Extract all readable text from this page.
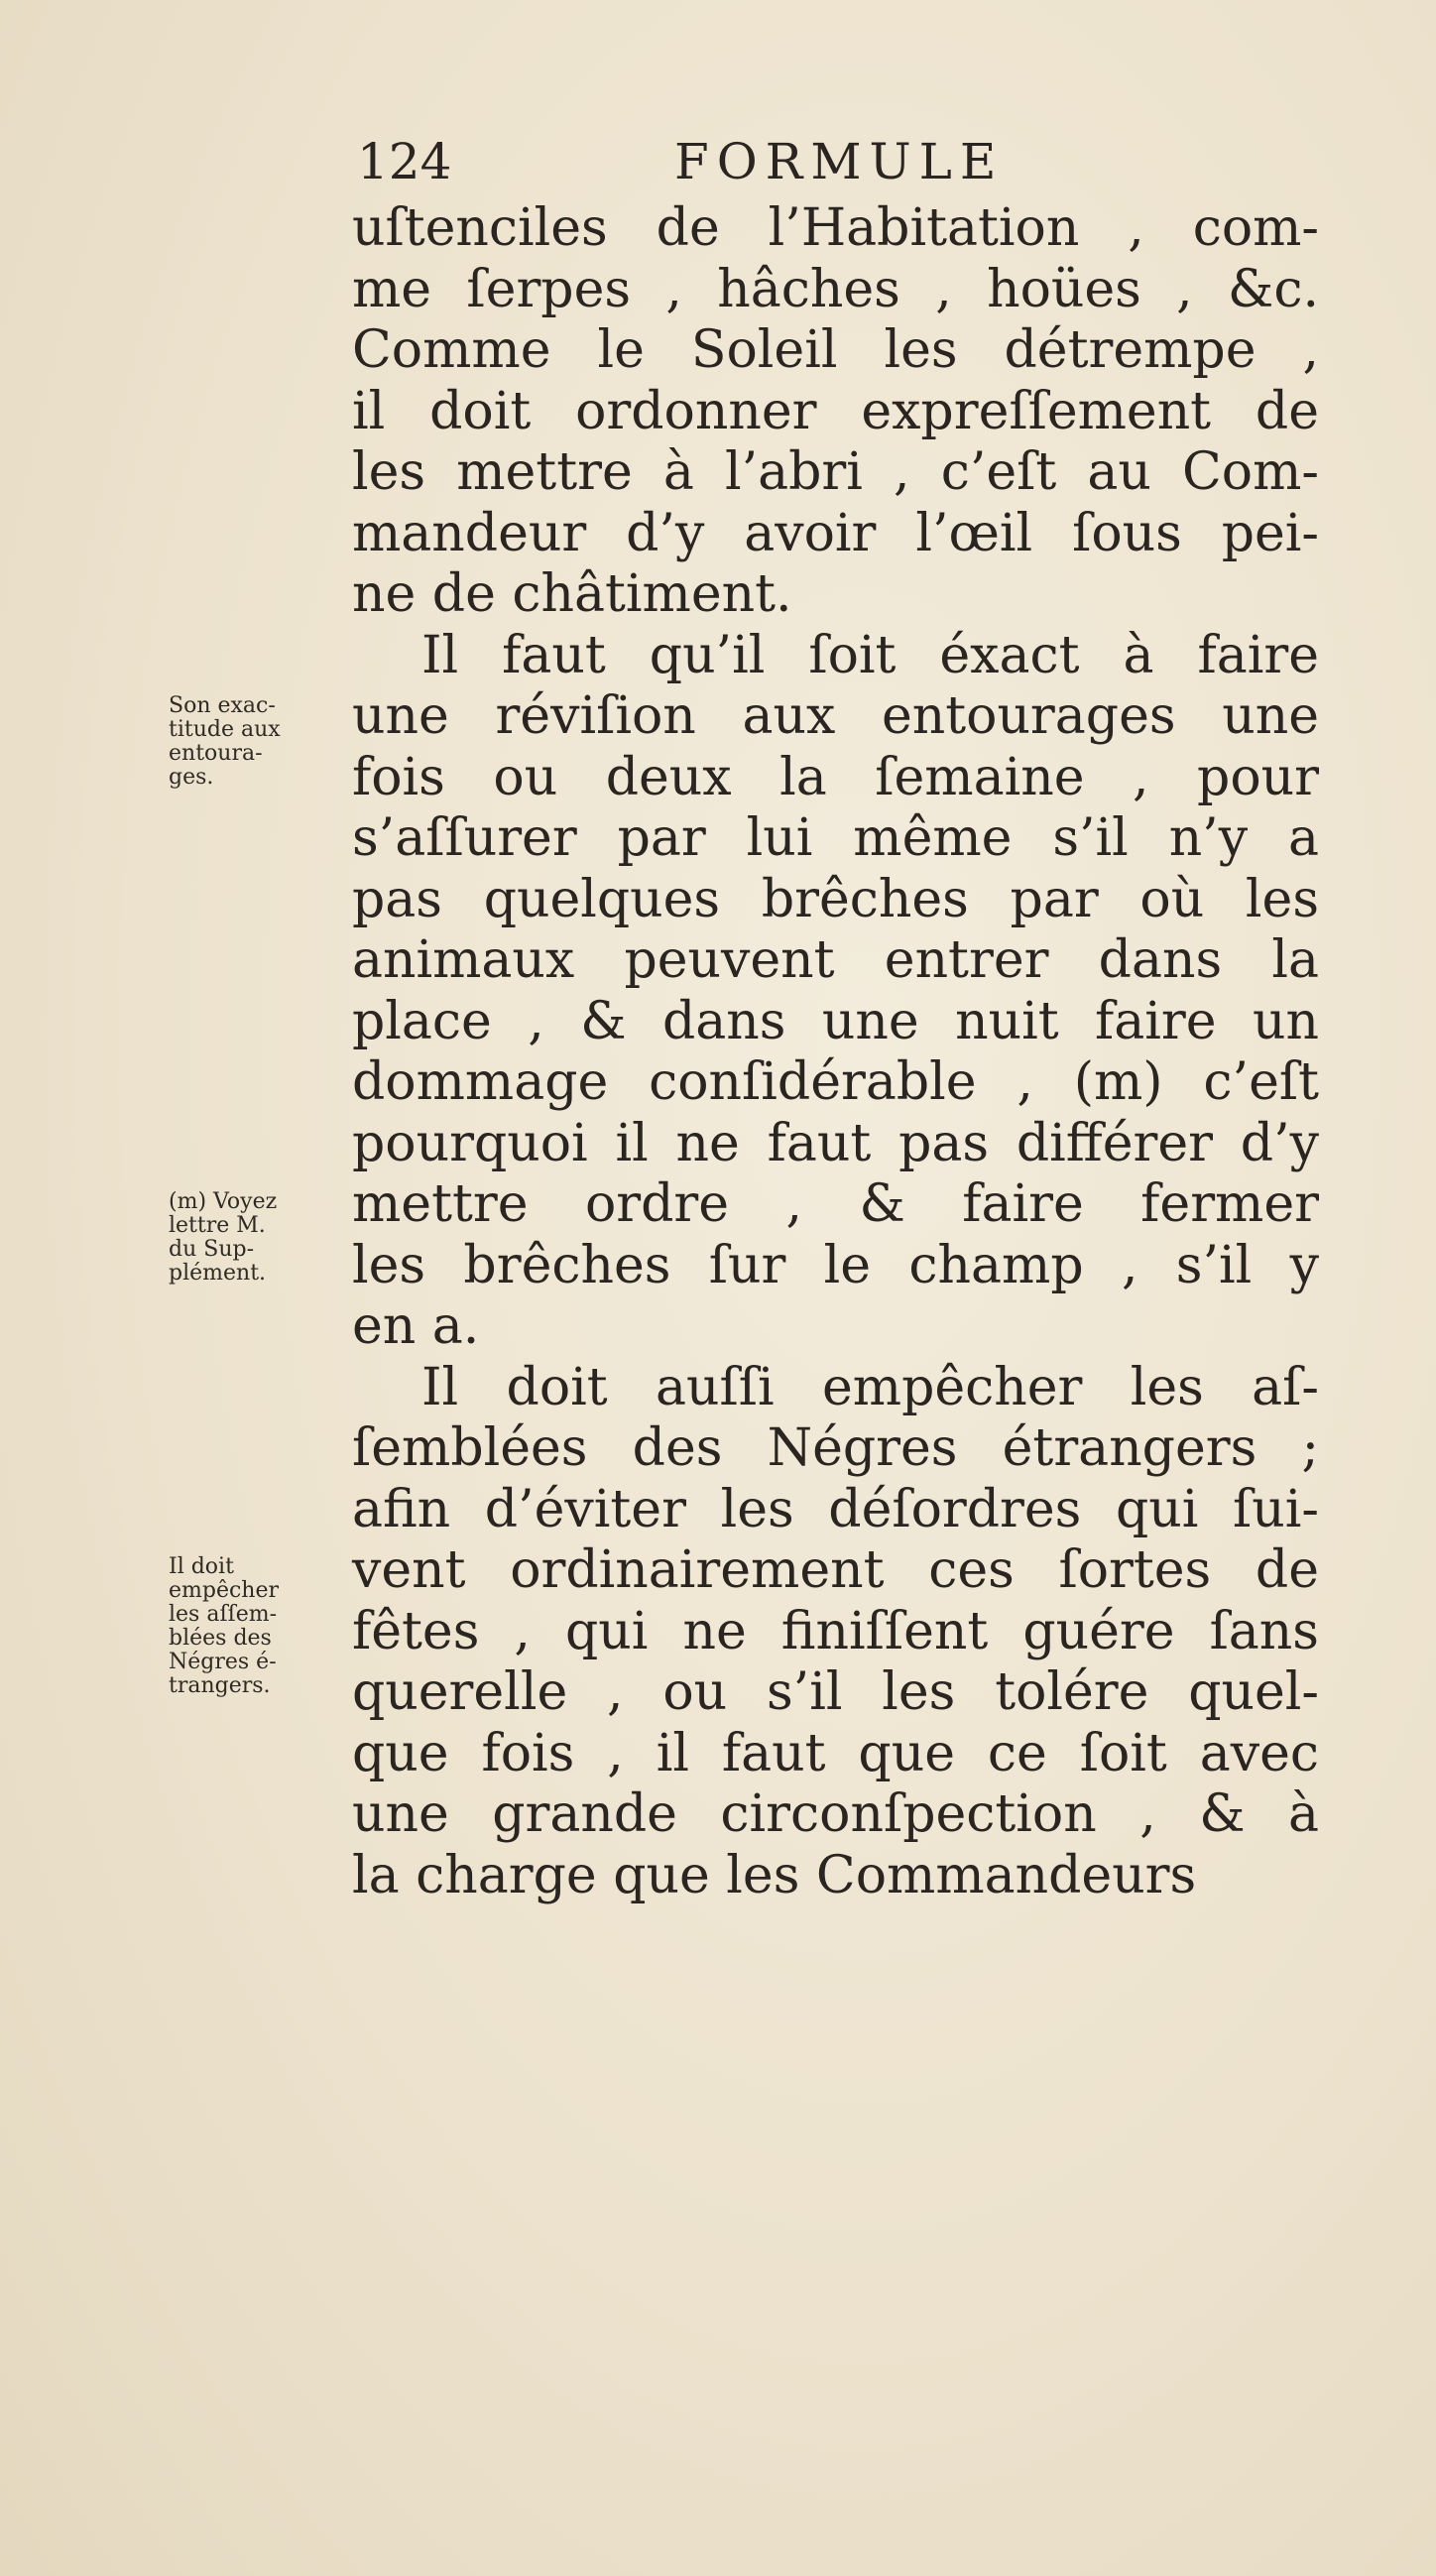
124	FORMULE
uſtenciles de l’Habitation , com-
me ſerpes , hâches , hoües , &c.
Comme le Soleil les détrempe ,
il doit ordonner expreſſement de
les mettre à l’abri , c’eſt au Com-
mandeur d’y avoir l’œil ſous pei-
ne de châtiment.
Il faut qu’il ſoit éxact à faire
une réviſion aux entourages une
fois ou deux la ſemaine , pour
s’aſſurer par lui même s’il n’y a
pas quelques brêches par où les
animaux peuvent entrer dans la
place , & dans une nuit faire un
dommage conſidérable , (m) c’eſt
pourquoi il ne faut pas différer d’y
mettre ordre , & faire fermer
les brêches ſur le champ , s’il y
en a.
Il doit auſſi empêcher les aſ-
ſemblées des Négres étrangers ;
afin d’éviter les déſordres qui ſui-
vent ordinairement ces ſortes de
fêtes , qui ne finiſſent guére ſans
querelle , ou s’il les tolére quel-
que fois , il faut que ce ſoit avec
une grande circonſpection , & à
la charge que les Commandeurs
Son exac-
titude aux
entoura-
ges.
(m) Voyez
lettre M.
du Sup-
plément.
Il doit
empêcher
les aſſem-
blées des
Négres é-
trangers.
